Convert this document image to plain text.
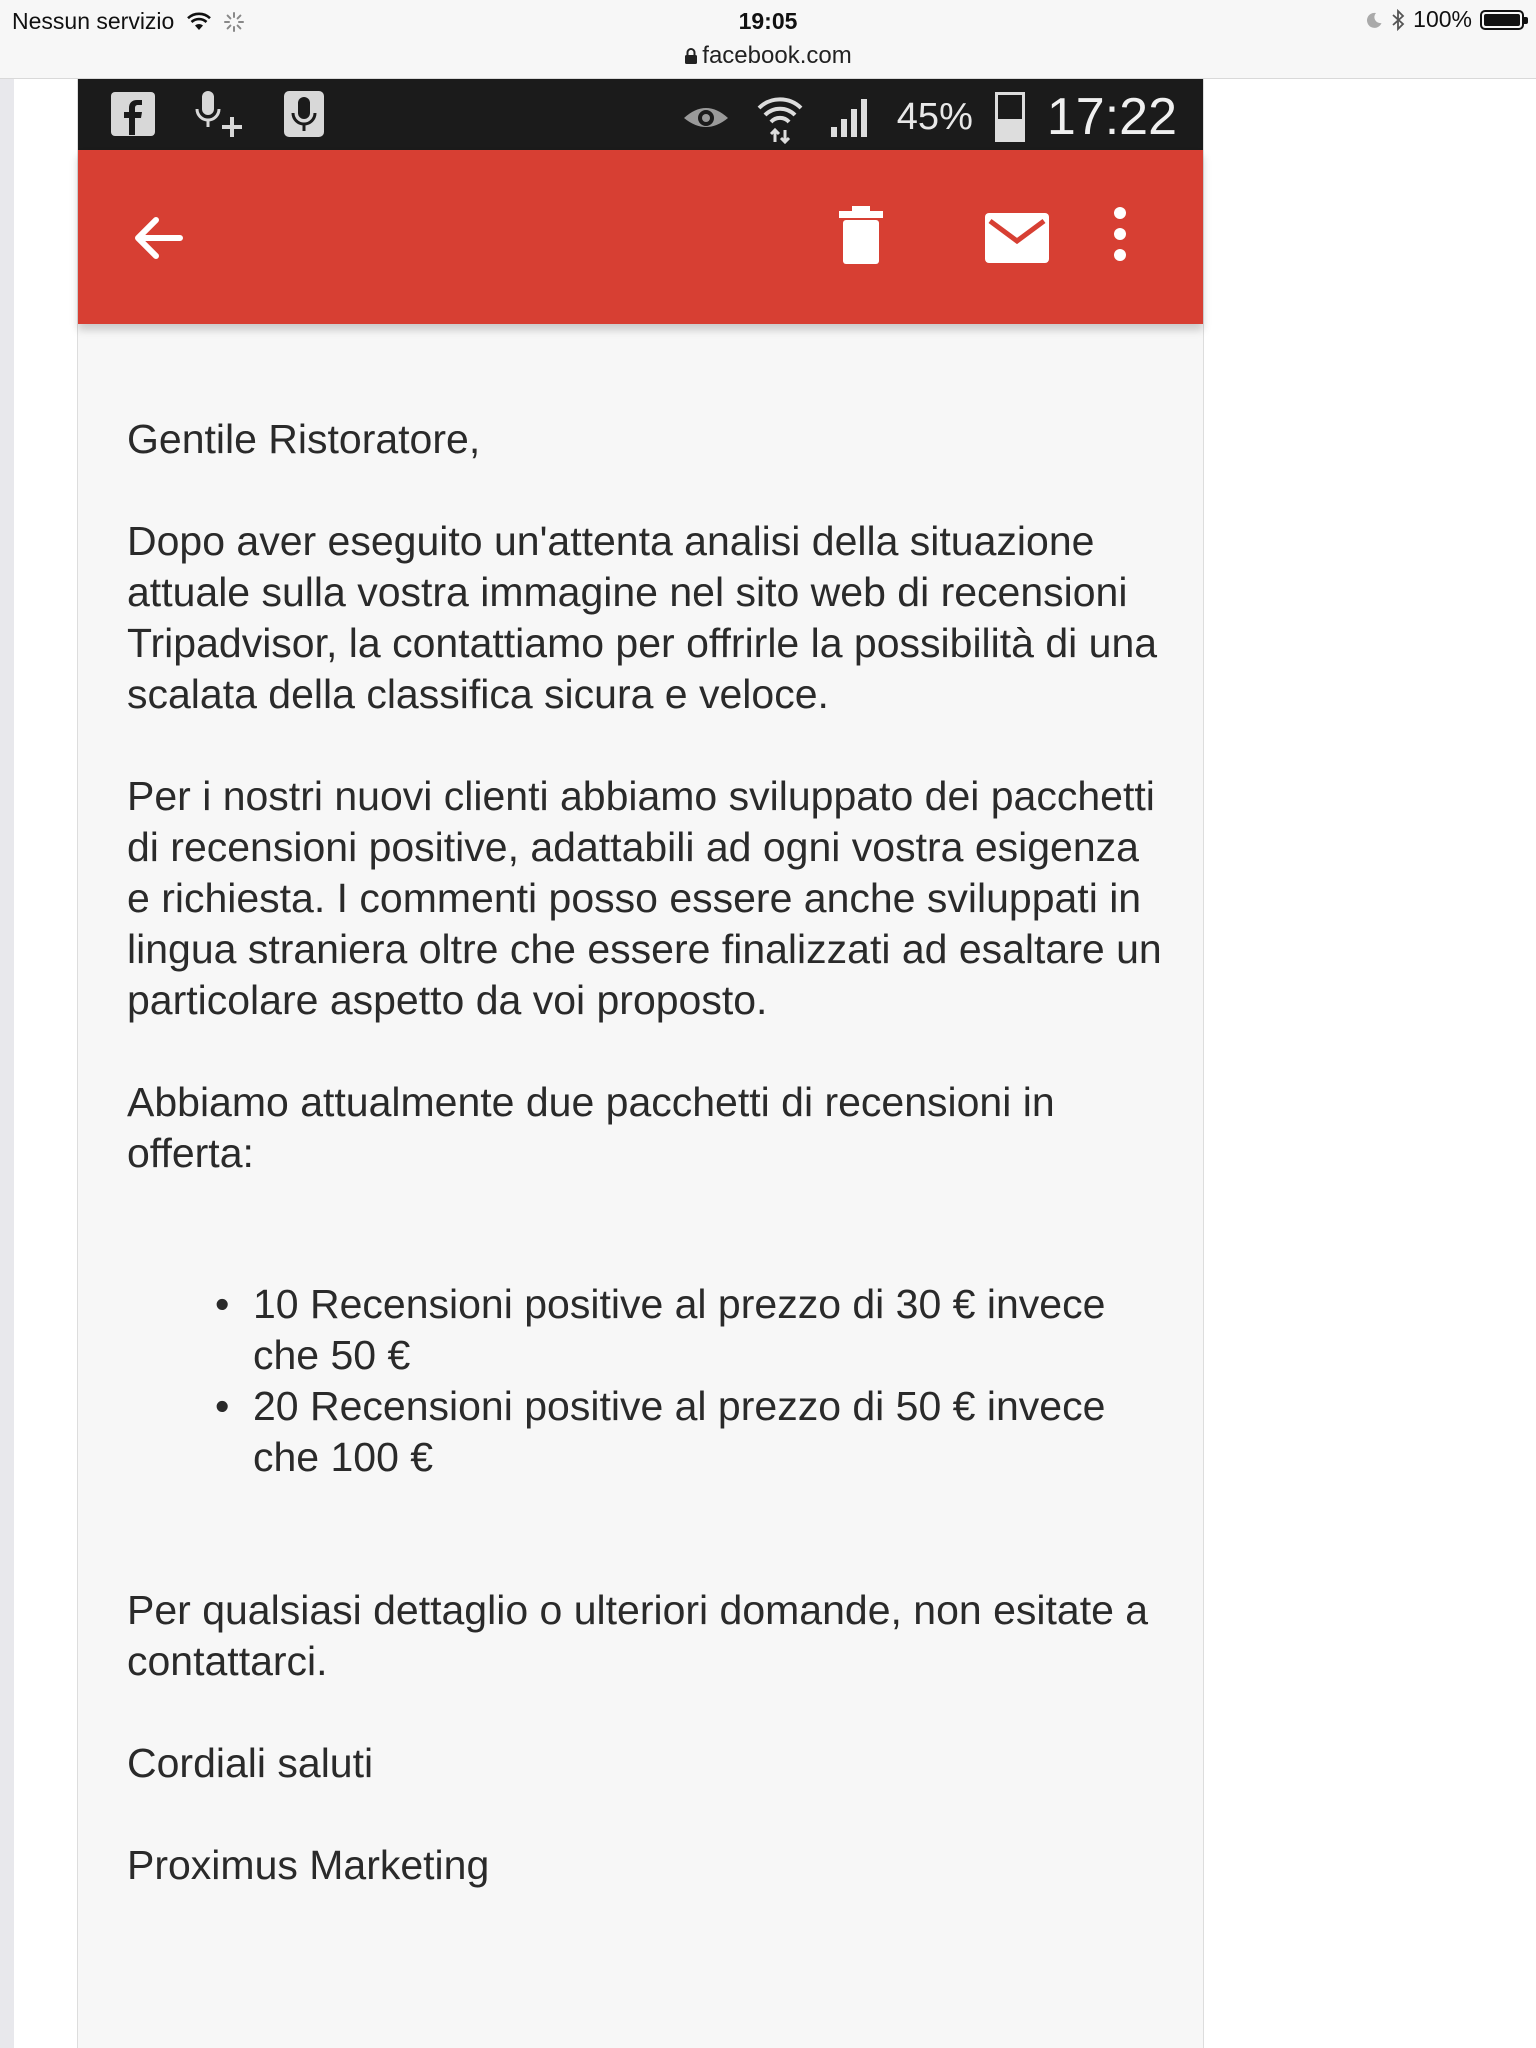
Nessun servizio	19:05
facebook.com
100%
45% 17:22

Gentile Ristoratore,

Dopo aver eseguito un'attenta analisi della situazione attuale sulla vostra immagine nel sito web di recensioni Tripadvisor, la contattiamo per offrirle la possibilità di una scalata della classifica sicura e veloce.

Per i nostri nuovi clienti abbiamo sviluppato dei pacchetti di recensioni positive, adattabili ad ogni vostra esigenza e richiesta. I commenti posso essere anche sviluppati in lingua straniera oltre che essere finalizzati ad esaltare un particolare aspetto da voi proposto.

Abbiamo attualmente due pacchetti di recensioni in offerta:

• 10 Recensioni positive al prezzo di 30 € invece che 50 €
• 20 Recensioni positive al prezzo di 50 € invece che 100 €

Per qualsiasi dettaglio o ulteriori domande, non esitate a contattarci.

Cordiali saluti

Proximus Marketing
